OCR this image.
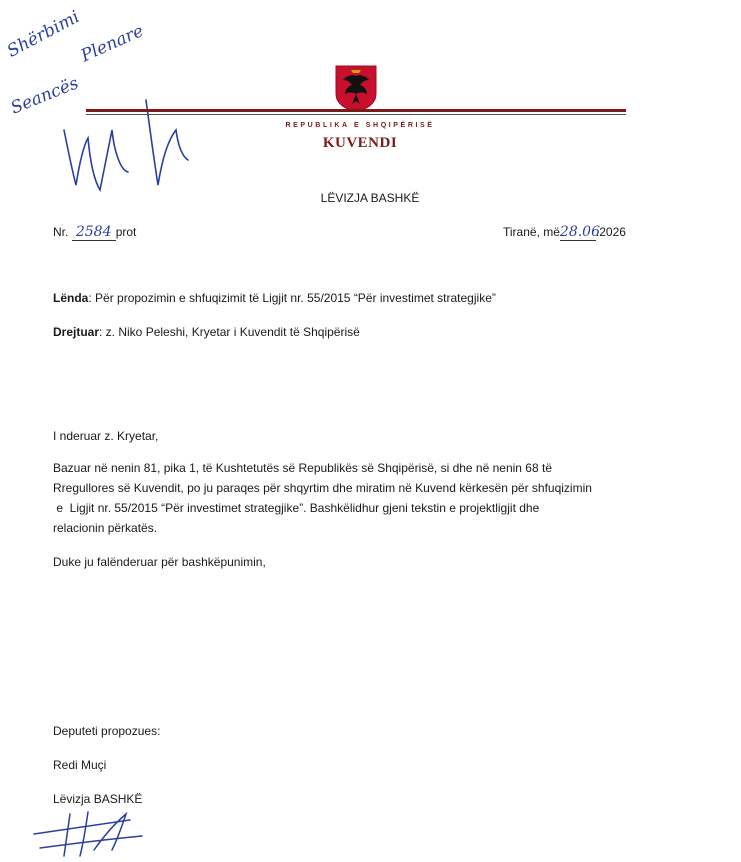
Shërbimi
Seancës
Plenare
REPUBLIKA E SHQIPËRISË
KUVENDI
LËVIZJA BASHKË
Nr. 2584 prot	Tiranë, më28.06.2026
Lënda: Për propozimin e shfuqizimit të Ligjit nr. 55/2015 “Për investimet strategjike”
Drejtuar: z. Niko Peleshi, Kryetar i Kuvendit të Shqipërisë
I nderuar z. Kryetar,
Bazuar në nenin 81, pika 1, të Kushtetutës së Republikës së Shqipërisë, si dhe në nenin 68 të
Rregullores së Kuvendit, po ju paraqes për shqyrtim dhe miratim në Kuvend kërkesën për shfuqizimin
e  Ligjit nr. 55/2015 “Për investimet strategjike”. Bashkëlidhur gjeni tekstin e projektligjit dhe
relacionin përkatës.
Duke ju falënderuar për bashkëpunimin,
Deputeti propozues:
Redi Muçi
Lëvizja BASHKË
